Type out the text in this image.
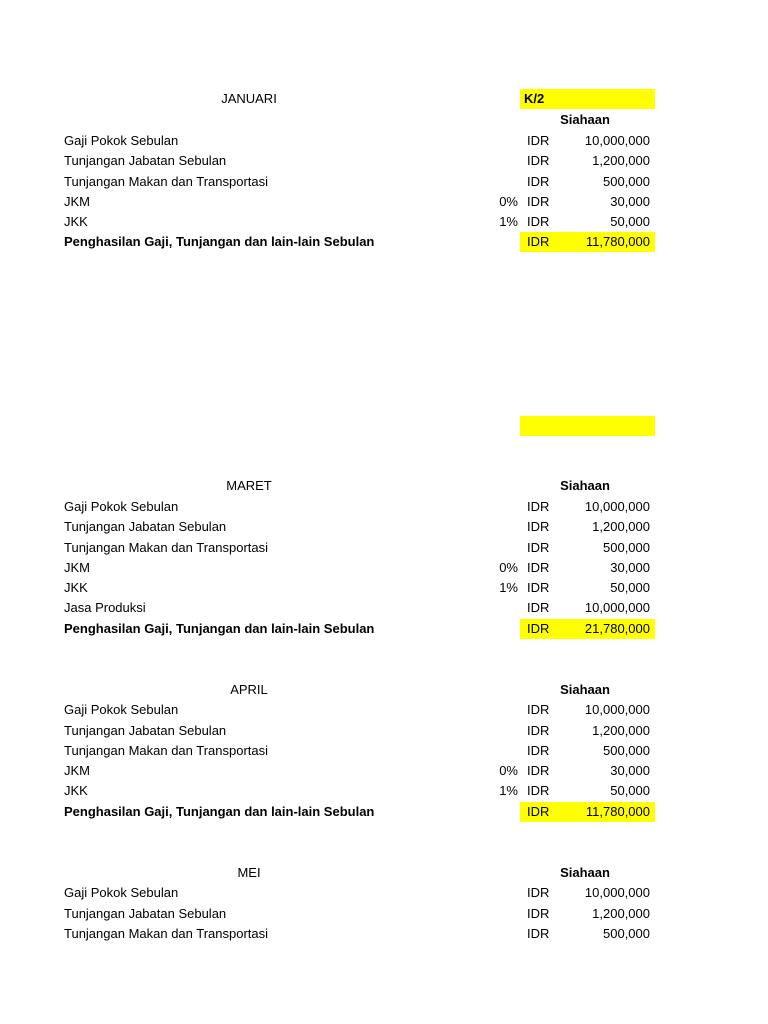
K/2
JANUARI
Siahaan
Gaji Pokok Sebulan	IDR	10,000,000
Tunjangan Jabatan Sebulan	IDR	1,200,000
Tunjangan Makan dan Transportasi	IDR	500,000
JKM	0% IDR	30,000
JKK	1% IDR	50,000
Penghasilan Gaji, Tunjangan dan lain-lain Sebulan	IDR	11,780,000
MARET	Siahaan
Gaji Pokok Sebulan	IDR	10,000,000
Tunjangan Jabatan Sebulan	IDR	1,200,000
Tunjangan Makan dan Transportasi	IDR	500,000
JKM	0% IDR	30,000
JKK	1% IDR	50,000
Jasa Produksi	IDR	10,000,000
Penghasilan Gaji, Tunjangan dan lain-lain Sebulan	IDR	21,780,000
APRIL	Siahaan
Gaji Pokok Sebulan	IDR	10,000,000
Tunjangan Jabatan Sebulan	IDR	1,200,000
Tunjangan Makan dan Transportasi	IDR	500,000
JKM	0% IDR	30,000
JKK	1% IDR	50,000
Penghasilan Gaji, Tunjangan dan lain-lain Sebulan	IDR	11,780,000
MEI	Siahaan
Gaji Pokok Sebulan	IDR	10,000,000
Tunjangan Jabatan Sebulan	IDR	1,200,000
Tunjangan Makan dan Transportasi	IDR	500,000
